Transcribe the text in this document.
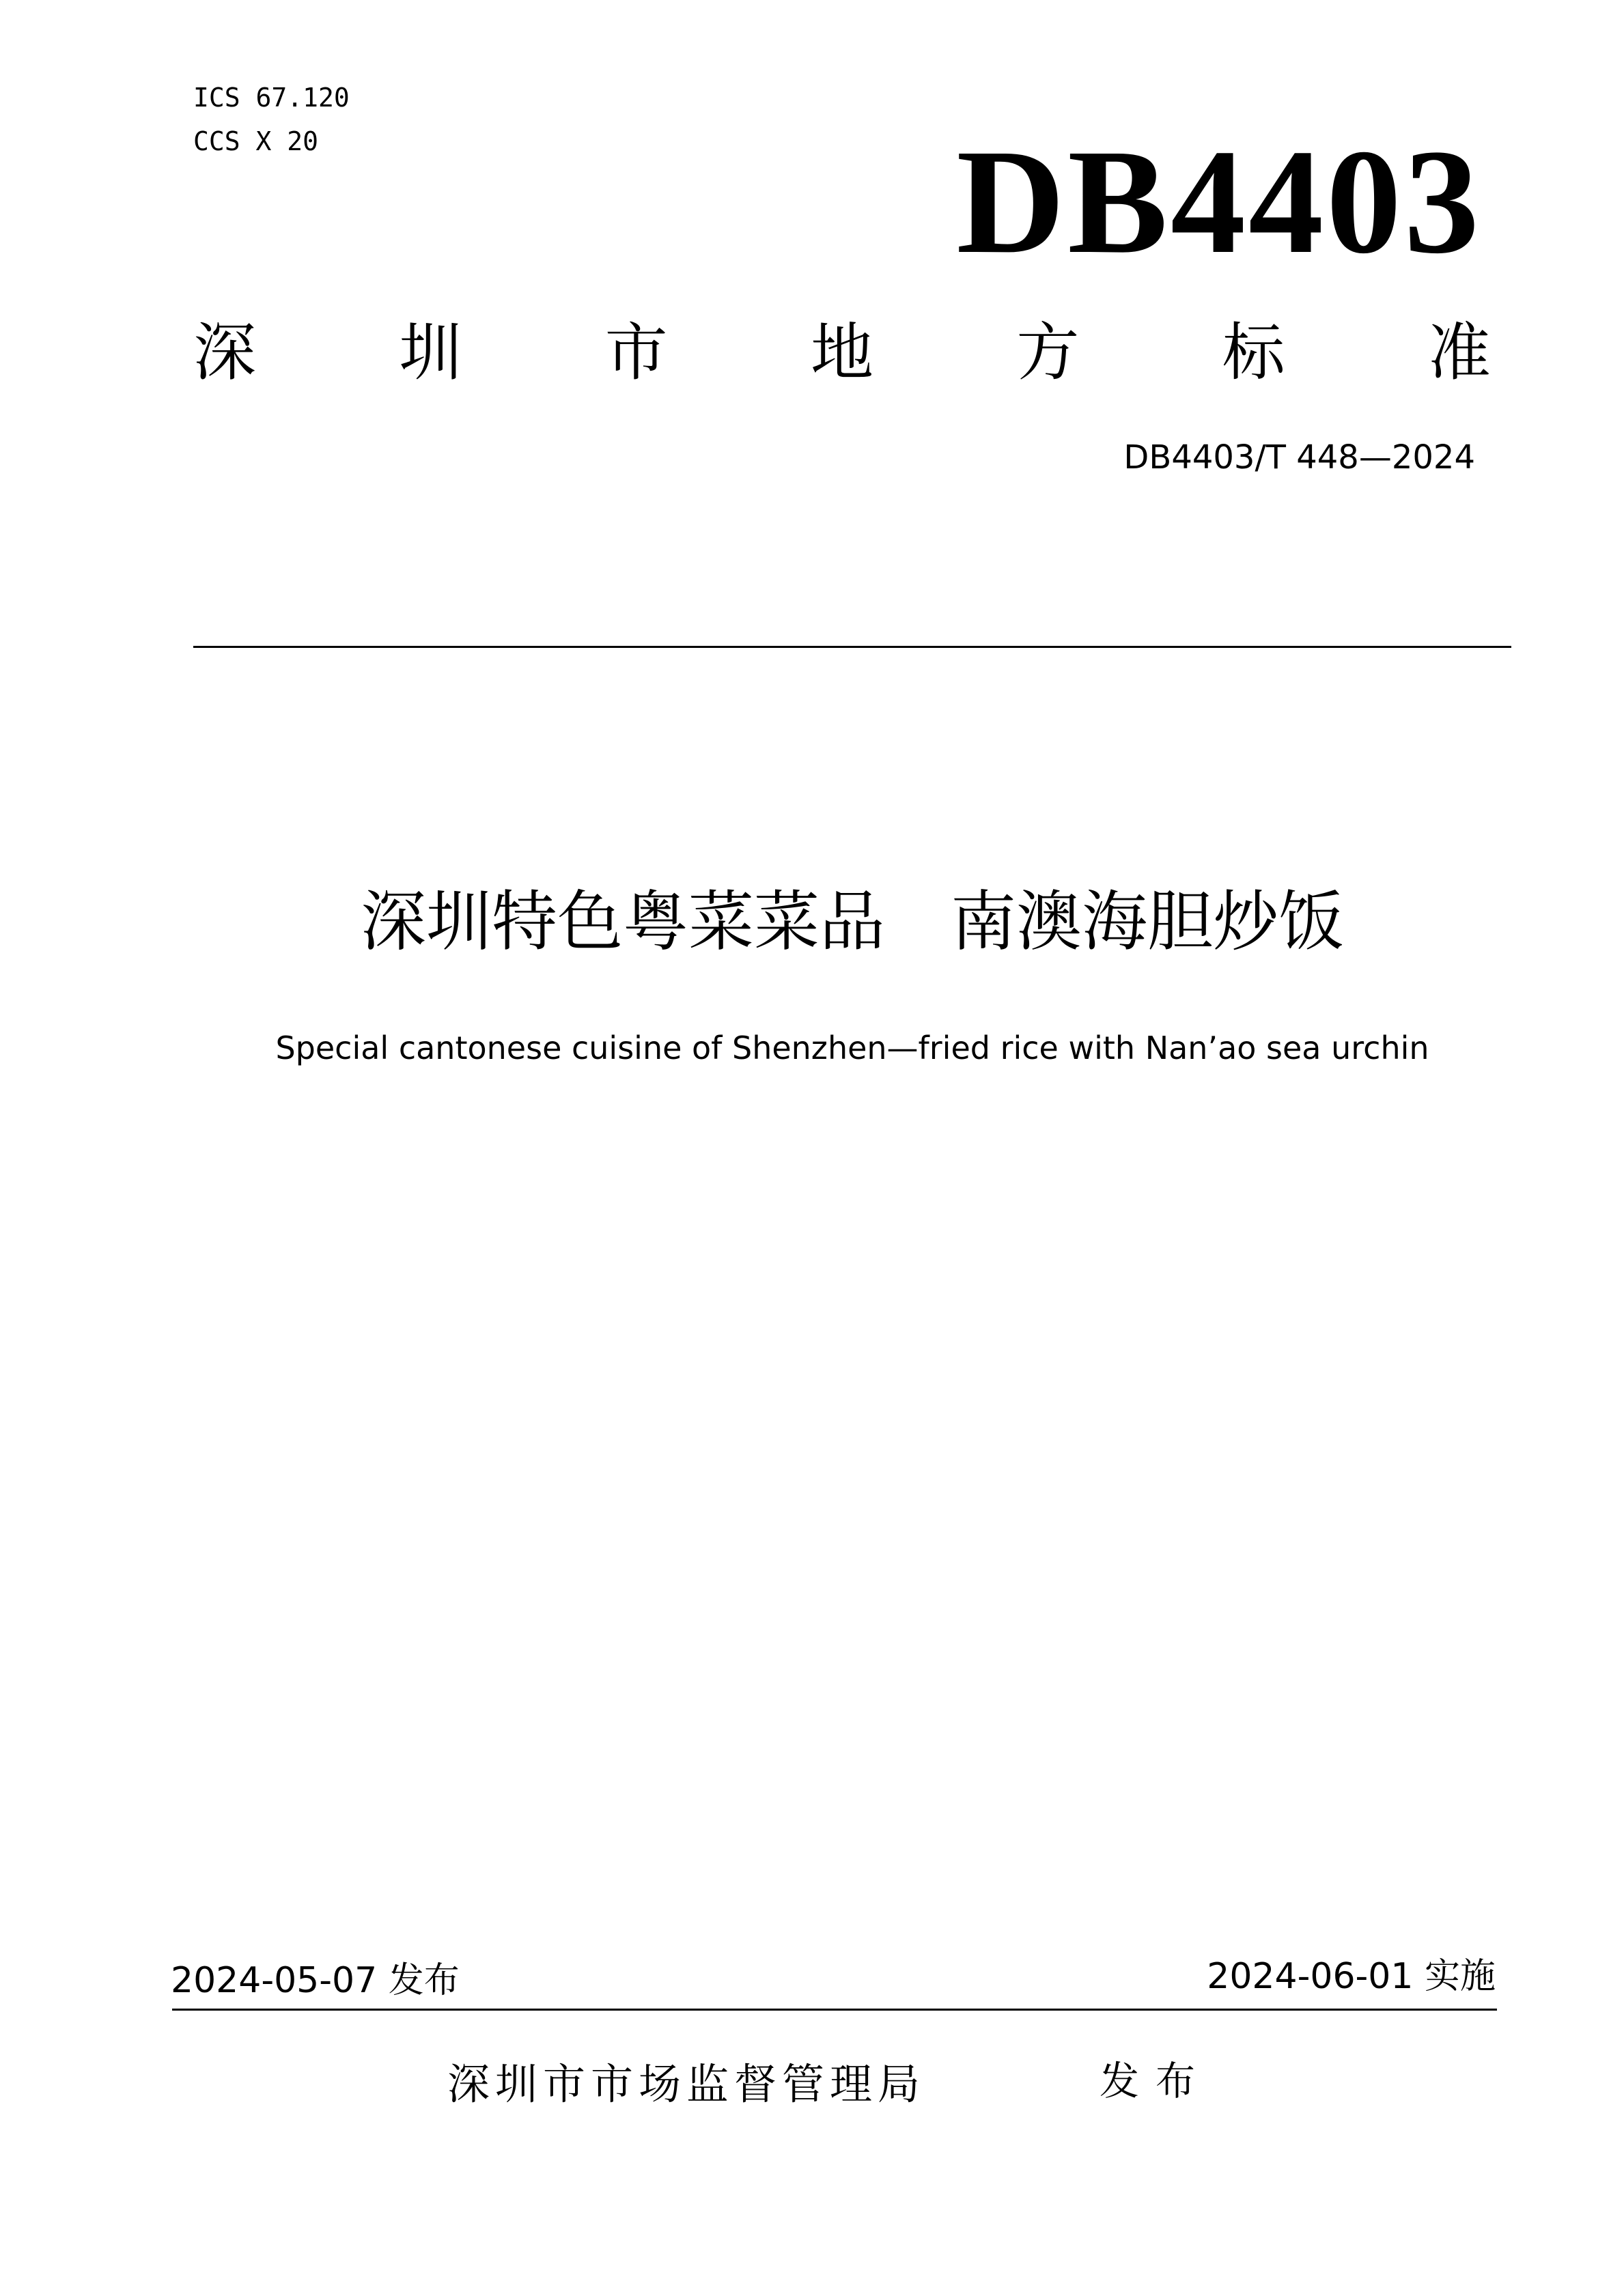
ICS 67.120
CCS X 20	DB4403
深 圳 市 地 方 标 准
DB4403/T 448—2024
深圳特色粤菜菜品　南澳海胆炒饭
Special cantonese cuisine of Shenzhen—fried rice with Nan’ao sea urchin
2024-05-07 发布	2024-06-01 实施
深圳市市场监督管理局	发布
